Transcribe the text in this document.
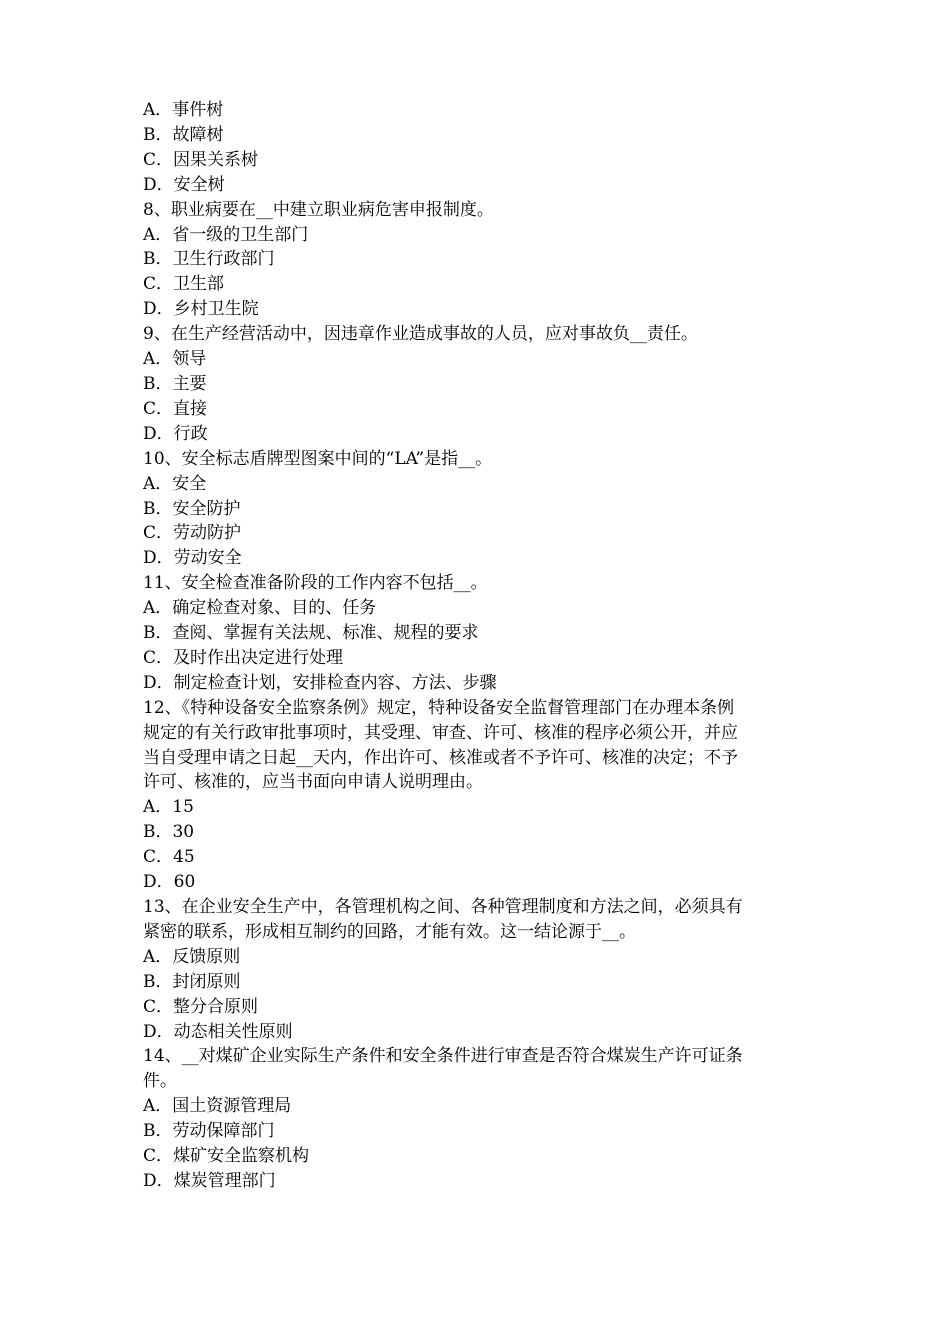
A．事件树
B．故障树
C．因果关系树
D．安全树
8、职业病要在__中建立职业病危害申报制度。
A．省一级的卫生部门
B．卫生行政部门
C．卫生部
D．乡村卫生院
9、在生产经营活动中，因违章作业造成事故的人员，应对事故负__责任。
A．领导
B．主要
C．直接
D．行政
10、安全标志盾牌型图案中间的“LA”是指__。
A．安全
B．安全防护
C．劳动防护
D．劳动安全
11、安全检查准备阶段的工作内容不包括__。
A．确定检查对象、目的、任务
B．查阅、掌握有关法规、标准、规程的要求
C．及时作出决定进行处理
D．制定检查计划，安排检查内容、方法、步骤
12、《特种设备安全监察条例》规定，特种设备安全监督管理部门在办理本条例
规定的有关行政审批事项时，其受理、审查、许可、核准的程序必须公开，并应
当自受理申请之日起__天内，作出许可、核准或者不予许可、核准的决定；不予
许可、核准的，应当书面向申请人说明理由。
A．15
B．30
C．45
D．60
13、在企业安全生产中，各管理机构之间、各种管理制度和方法之间，必须具有
紧密的联系，形成相互制约的回路，才能有效。这一结论源于__。
A．反馈原则
B．封闭原则
C．整分合原则
D．动态相关性原则
14、__对煤矿企业实际生产条件和安全条件进行审查是否符合煤炭生产许可证条
件。
A．国土资源管理局
B．劳动保障部门
C．煤矿安全监察机构
D．煤炭管理部门
